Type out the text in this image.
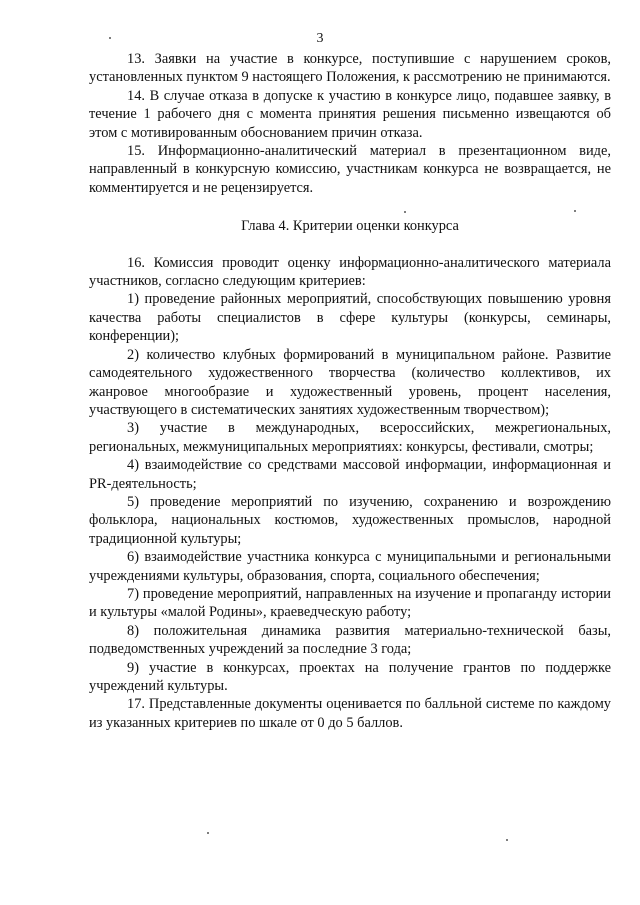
3

13. Заявки на участие в конкурсе, поступившие с нарушением сроков, установленных пунктом 9 настоящего Положения, к рассмотрению не принимаются.

14. В случае отказа в допуске к участию в конкурсе лицо, подавшее заявку, в течение 1 рабочего дня с момента принятия решения письменно извещаются об этом с мотивированным обоснованием причин отказа.

15. Информационно-аналитический материал в презентационном виде, направленный в конкурсную комиссию, участникам конкурса не возвращается, не комментируется и не рецензируется.

Глава 4. Критерии оценки конкурса

16. Комиссия проводит оценку информационно-аналитического материала участников, согласно следующим критериев:

1) проведение районных мероприятий, способствующих повышению уровня качества работы специалистов в сфере культуры (конкурсы, семинары, конференции);

2) количество клубных формирований в муниципальном районе. Развитие самодеятельного художественного творчества (количество коллективов, их жанровое многообразие и художественный уровень, процент населения, участвующего в систематических занятиях художественным творчеством);

3) участие в международных, всероссийских, межрегиональных, региональных, межмуниципальных мероприятиях: конкурсы, фестивали, смотры;

4) взаимодействие со средствами массовой информации, информационная и PR-деятельность;

5) проведение мероприятий по изучению, сохранению и возрождению фольклора, национальных костюмов, художественных промыслов, народной традиционной культуры;

6) взаимодействие участника конкурса с муниципальными и региональными учреждениями культуры, образования, спорта, социального обеспечения;

7) проведение мероприятий, направленных на изучение и пропаганду истории и культуры «малой Родины», краеведческую работу;

8) положительная динамика развития материально-технической базы, подведомственных учреждений за последние 3 года;

9) участие в конкурсах, проектах на получение грантов по поддержке учреждений культуры.

17. Представленные документы оценивается по балльной системе по каждому из указанных критериев по шкале от 0 до 5 баллов.
